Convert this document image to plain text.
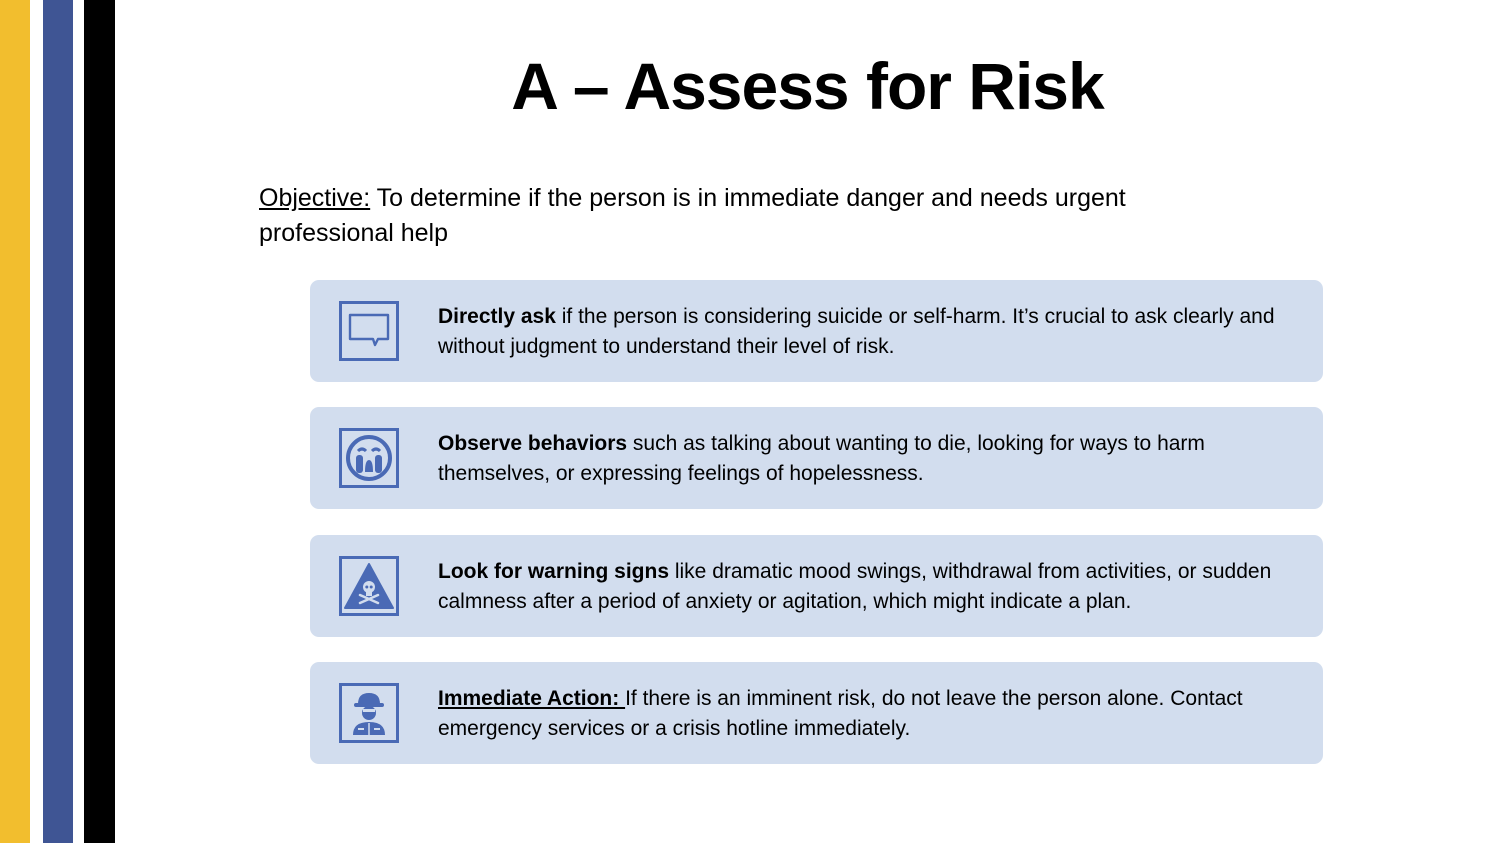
A – Assess for Risk

Objective: To determine if the person is in immediate danger and needs urgent professional help

Directly ask if the person is considering suicide or self-harm. It’s crucial to ask clearly and without judgment to understand their level of risk.

Observe behaviors such as talking about wanting to die, looking for ways to harm themselves, or expressing feelings of hopelessness.

Look for warning signs like dramatic mood swings, withdrawal from activities, or sudden calmness after a period of anxiety or agitation, which might indicate a plan.

Immediate Action: If there is an imminent risk, do not leave the person alone. Contact emergency services or a crisis hotline immediately.
